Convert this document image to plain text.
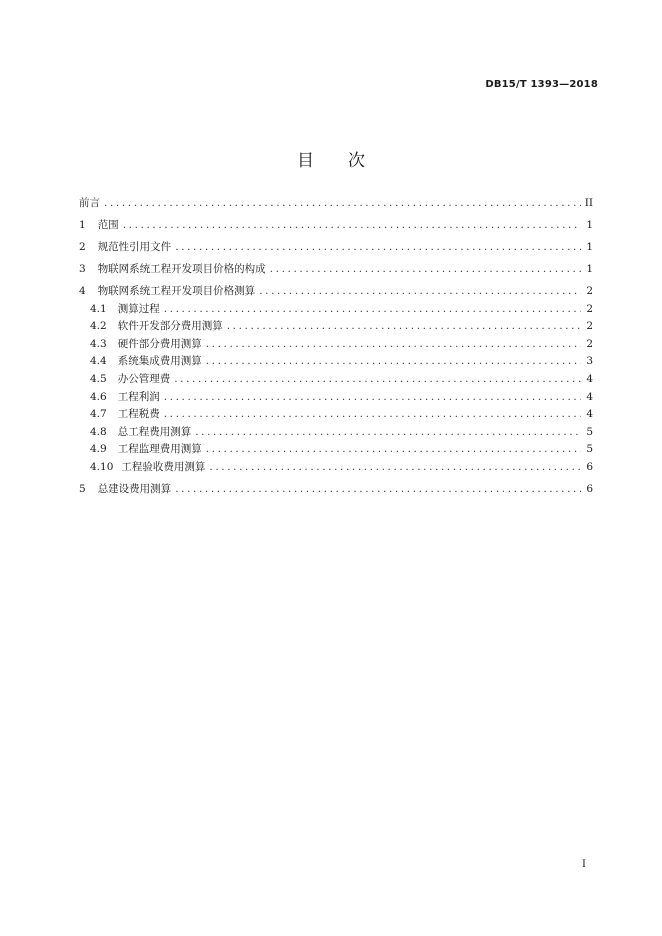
DB15/T 1393—2018
目 次
前言 .....	II
1 范围 .....	1
2 规范性引用文件 .....	1
3 物联网系统工程开发项目价格的构成 .....	1
4 物联网系统工程开发项目价格测算 .....	2
4.1 测算过程 .....	2
4.2 软件开发部分费用测算 .....	2
4.3 硬件部分费用测算 .....	2
4.4 系统集成费用测算 .....	3
4.5 办公管理费 .....	4
4.6 工程利润 .....	4
4.7 工程税费 .....	4
4.8 总工程费用测算 .....	5
4.9 工程监理费用测算 .....	5
4.10 工程验收费用测算 .....	6
5 总建设费用测算 .....	6
I
